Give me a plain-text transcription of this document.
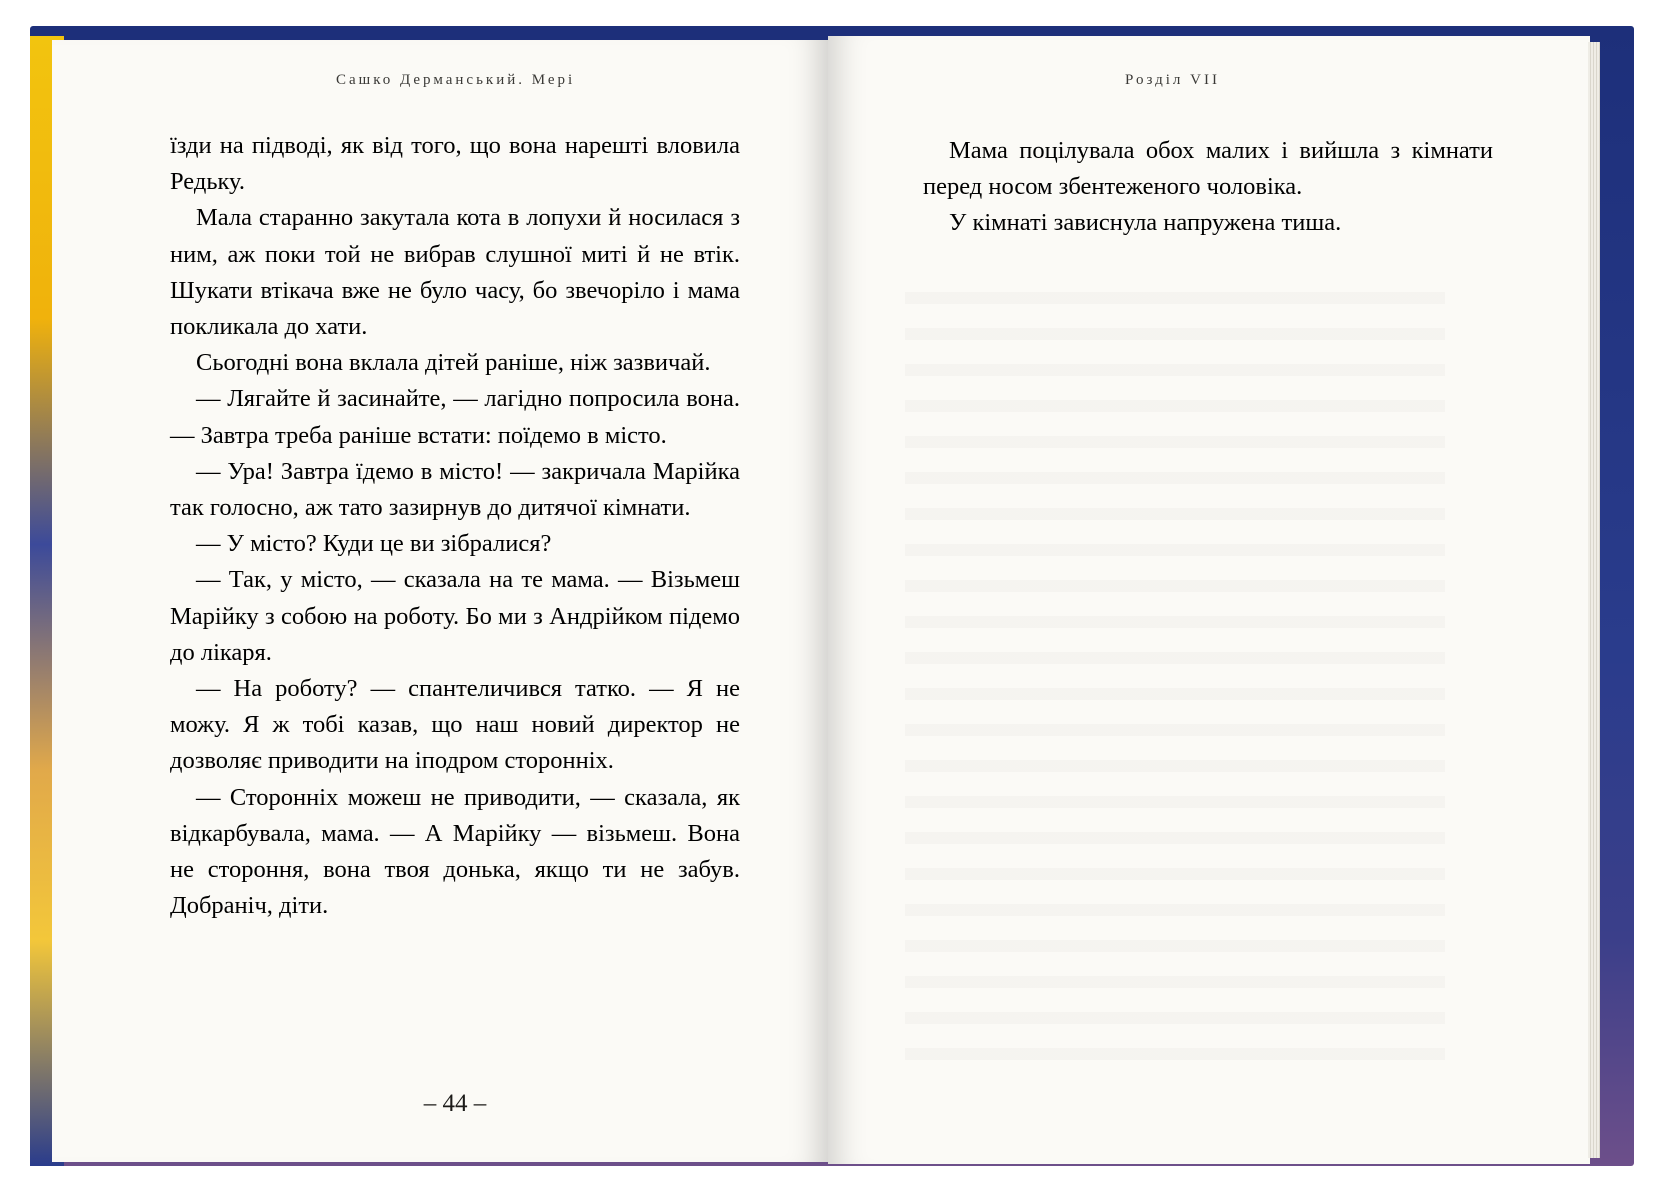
Сашко Дерманський. Мері	Розділ VII

їзди на підводі, як від того, що вона нарешті вловила Редьку.

Мала старанно закутала кота в лопухи й носилася з ним, аж поки той не вибрав слушної миті й не втік. Шукати втікача вже не було часу, бо звечоріло і мама покликала до хати.

Сьогодні вона вклала дітей раніше, ніж зазвичай.

— Лягайте й засинайте, — лагідно попросила вона. — Завтра треба раніше встати: поїдемо в місто.

— Ура! Завтра їдемо в місто! — закричала Марійка так голосно, аж тато зазирнув до дитячої кімнати.

— У місто? Куди це ви зібралися?

— Так, у місто, — сказала на те мама. — Візьмеш Марійку з собою на роботу. Бо ми з Андрійком підемо до лікаря.

— На роботу? — спантеличився татко. — Я не можу. Я ж тобі казав, що наш новий директор не дозволяє приводити на іподром сторонніх.

— Сторонніх можеш не приводити, — сказала, як відкарбувала, мама. — А Марійку — візьмеш. Вона не стороння, вона твоя донька, якщо ти не забув. Добраніч, діти.

– 44 –

Мама поцілувала обох малих і вийшла з кімнати перед носом збентеженого чоловіка.

У кімнаті зависнула напружена тиша.
